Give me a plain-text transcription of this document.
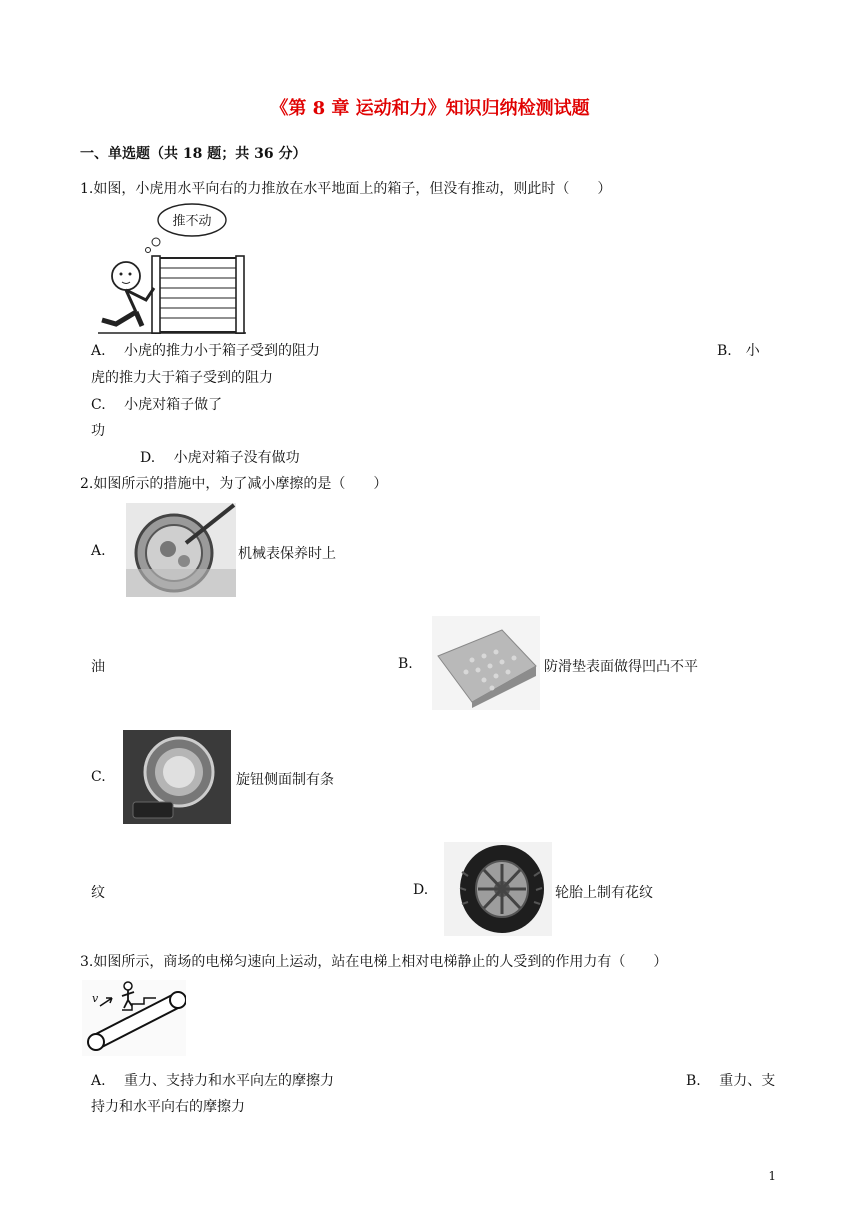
《第 8 章 运动和力》知识归纳检测试题
一、单选题（共 18 题；共 36 分）
1.如图，小虎用水平向右的力推放在水平地面上的箱子，但没有推动，则此时（　　）
推不动
A.　 小虎的推力小于箱子受到的阻力	B.　小
虎的推力大于箱子受到的阻力
C.　 小虎对箱子做了
功
D.　 小虎对箱子没有做功
2.如图所示的措施中，为了减小摩擦的是（　　）
A.	机械表保养时上
油	B.	防滑垫表面做得凹凸不平
C.	旋钮侧面制有条
纹	D.	轮胎上制有花纹
3.如图所示，商场的电梯匀速向上运动，站在电梯上相对电梯静止的人受到的作用力有（　　）
v
A.　 重力、支持力和水平向左的摩擦力	B.　 重力、支
持力和水平向右的摩擦力
1
